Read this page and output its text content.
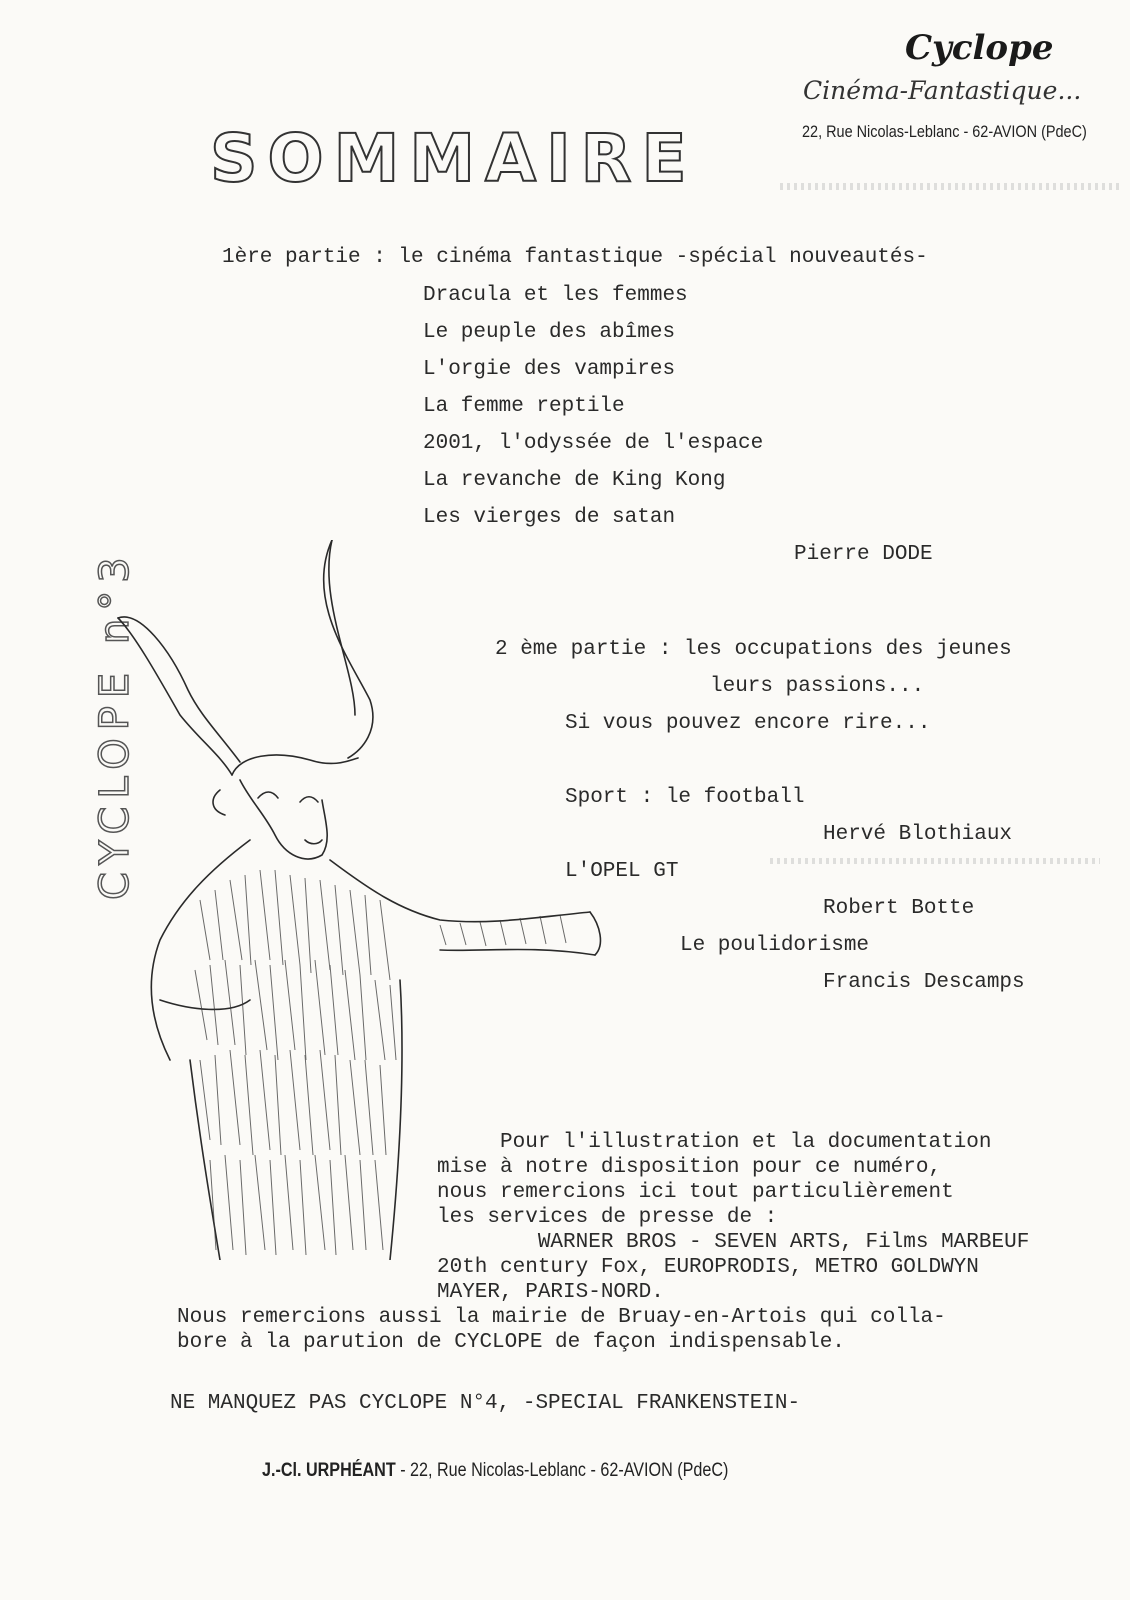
Cyclope
Cinéma-Fantastique...
22, Rue Nicolas-Leblanc - 62-AVION (PdeC)
SOMMAIRE
CYCLOPE n°3
1ère partie : le cinéma fantastique -spécial nouveautés-
Dracula et les femmes
Le peuple des abîmes
L'orgie des vampires
La femme reptile
2001, l'odyssée de l'espace
La revanche de King Kong
Les vierges de satan
Pierre DODE
2 ème partie : les occupations des jeunes
leurs passions...
Si vous pouvez encore rire...
Sport : le football
Hervé Blothiaux
L'OPEL GT
Robert Botte
Le poulidorisme
Francis Descamps
Pour l'illustration et la documentation
mise à notre disposition pour ce numéro,
nous remercions ici tout particulièrement
les services de presse de :
WARNER BROS - SEVEN ARTS, Films MARBEUF
20th century Fox, EUROPRODIS, METRO GOLDWYN
MAYER, PARIS-NORD.
Nous remercions aussi la mairie de Bruay-en-Artois qui colla-
bore à la parution de CYCLOPE de façon indispensable.
NE MANQUEZ PAS CYCLOPE N°4, -SPECIAL FRANKENSTEIN-
J.-Cl. URPHÉANT - 22, Rue Nicolas-Leblanc - 62-AVION (PdeC)
